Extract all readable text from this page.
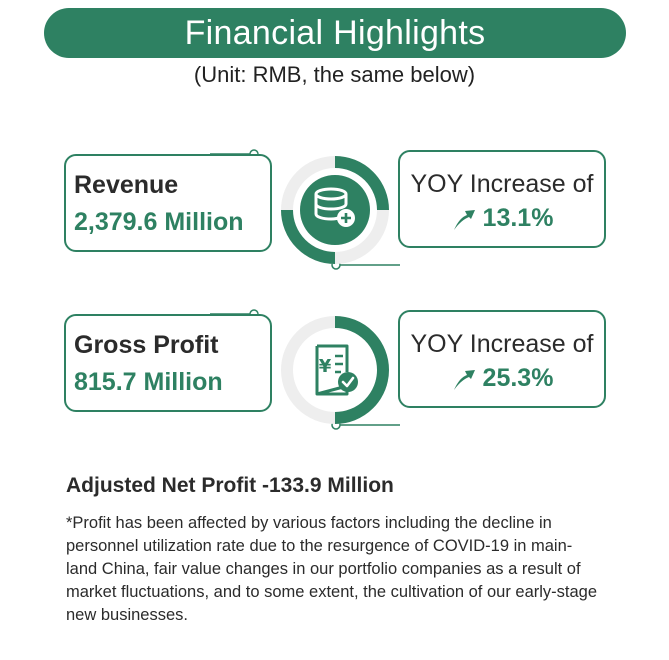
Financial Highlights
(Unit: RMB, the same below)
Revenue
2,379.6 Million
YOY Increase of
13.1%
Gross Profit
815.7 Million
¥
YOY Increase of
25.3%
Adjusted Net Profit -133.9 Million
*Profit has been affected by various factors including the decline in
personnel utilization rate due to the resurgence of COVID-19 in main-
land China, fair value changes in our portfolio companies as a result of
market fluctuations, and to some extent, the cultivation of our early-stage
new businesses.
